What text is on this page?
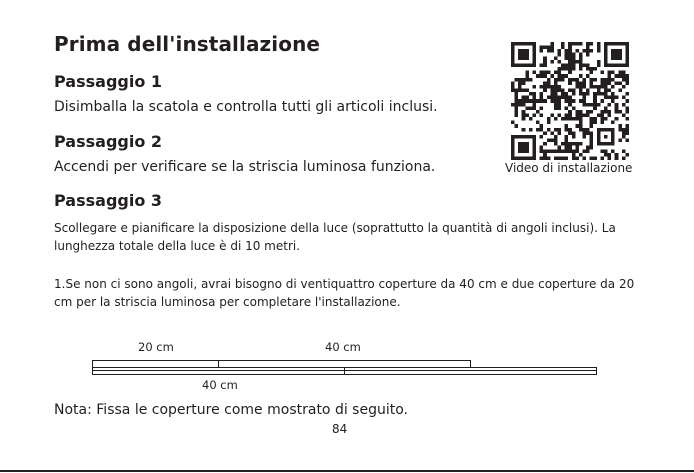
Prima dell'installazione
Passaggio 1
Disimballa la scatola e controlla tutti gli articoli inclusi.
Passaggio 2
Accendi per verificare se la striscia luminosa funziona.
Passaggio 3
Scollegare e pianificare la disposizione della luce (soprattutto la quantità di angoli inclusi). La lunghezza totale della luce è di 10 metri.
1.Se non ci sono angoli, avrai bisogno di ventiquattro coperture da 40 cm e due coperture da 20 cm per la striscia luminosa per completare l'installazione.
Video di installazione
20 cm	40 cm
40 cm
Nota: Fissa le coperture come mostrato di seguito.
84
